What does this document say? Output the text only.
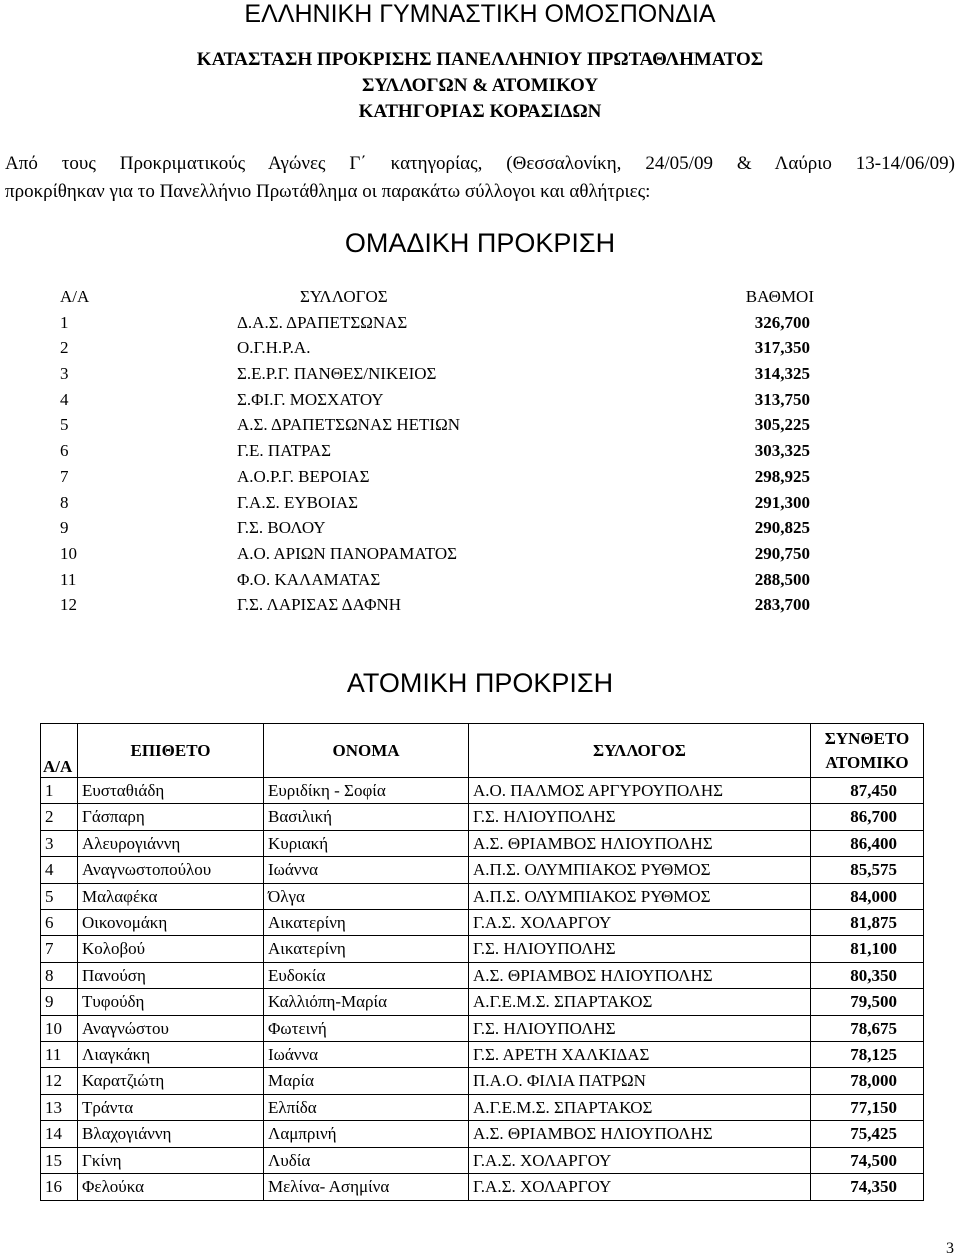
ΕΛΛΗΝΙΚΗ ΓΥΜΝΑΣΤΙΚΗ ΟΜΟΣΠΟΝΔΙΑ
ΚΑΤΑΣΤΑΣΗ ΠΡΟΚΡΙΣΗΣ ΠΑΝΕΛΛΗΝΙΟΥ ΠΡΩΤΑΘΛΗΜΑΤΟΣ
ΣΥΛΛΟΓΩΝ & ΑΤΟΜΙΚΟΥ
ΚΑΤΗΓΟΡΙΑΣ ΚΟΡΑΣΙΔΩΝ

Από τους Προκριματικούς Αγώνες Γ΄ κατηγορίας, (Θεσσαλονίκη, 24/05/09 & Λαύριο 13-14/06/09)

προκρίθηκαν για το Πανελλήνιο Πρωτάθλημα οι παρακάτω σύλλογοι και αθλήτριες:

ΟΜΑΔΙΚΗ ΠΡΟΚΡΙΣΗ
Α/Α	ΣΥΛΛΟΓΟΣ	ΒΑΘΜΟΙ
1	Δ.Α.Σ. ΔΡΑΠΕΤΣΩΝΑΣ	326,700
2	Ο.Γ.Η.Ρ.Α.	317,350
3	Σ.Ε.Ρ.Γ. ΠΑΝΘΕΣ/ΝΙΚΕΙΟΣ	314,325
4	Σ.ΦΙ.Γ. ΜΟΣΧΑΤΟΥ	313,750
5	Α.Σ. ΔΡΑΠΕΤΣΩΝΑΣ ΗΕΤΙΩΝ	305,225
6	Γ.Ε. ΠΑΤΡΑΣ	303,325
7	Α.Ο.Ρ.Γ. ΒΕΡΟΙΑΣ	298,925
8	Γ.Α.Σ. ΕΥΒΟΙΑΣ	291,300
9	Γ.Σ. ΒΟΛΟΥ	290,825
10	Α.Ο. ΑΡΙΩΝ ΠΑΝΟΡΑΜΑΤΟΣ	290,750
11	Φ.Ο. ΚΑΛΑΜΑΤΑΣ	288,500
12	Γ.Σ. ΛΑΡΙΣΑΣ ΔΑΦΝΗ	283,700
ΑΤΟΜΙΚΗ ΠΡΟΚΡΙΣΗ
Α/Α	ΕΠΙΘΕΤΟ	ΟΝΟΜΑ	ΣΥΛΛΟΓΟΣ	ΣΥΝΘΕΤΟ
ΑΤΟΜΙΚΟ
1	Ευσταθιάδη	Ευριδίκη - Σοφία	Α.Ο. ΠΑΛΜΟΣ ΑΡΓΥΡΟΥΠΟΛΗΣ	87,450
2	Γάσπαρη	Βασιλική	Γ.Σ. ΗΛΙΟΥΠΟΛΗΣ	86,700
3	Αλευρογιάννη	Κυριακή	Α.Σ. ΘΡΙΑΜΒΟΣ ΗΛΙΟΥΠΟΛΗΣ	86,400
4	Αναγνωστοπούλου	Ιωάννα	Α.Π.Σ. ΟΛΥΜΠΙΑΚΟΣ ΡΥΘΜΟΣ	85,575
5	Μαλαφέκα	Όλγα	Α.Π.Σ. ΟΛΥΜΠΙΑΚΟΣ ΡΥΘΜΟΣ	84,000
6	Οικονομάκη	Αικατερίνη	Γ.Α.Σ. ΧΟΛΑΡΓΟΥ	81,875
7	Κολοβού	Αικατερίνη	Γ.Σ. ΗΛΙΟΥΠΟΛΗΣ	81,100
8	Πανούση	Ευδοκία	Α.Σ. ΘΡΙΑΜΒΟΣ ΗΛΙΟΥΠΟΛΗΣ	80,350
9	Τυφούδη	Καλλιόπη-Μαρία	Α.Γ.Ε.Μ.Σ. ΣΠΑΡΤΑΚΟΣ	79,500
10	Αναγνώστου	Φωτεινή	Γ.Σ. ΗΛΙΟΥΠΟΛΗΣ	78,675
11	Λιαγκάκη	Ιωάννα	Γ.Σ. ΑΡΕΤΗ ΧΑΛΚΙΔΑΣ	78,125
12	Καρατζιώτη	Μαρία	Π.Α.Ο. ΦΙΛΙΑ ΠΑΤΡΩΝ	78,000
13	Τράντα	Ελπίδα	Α.Γ.Ε.Μ.Σ. ΣΠΑΡΤΑΚΟΣ	77,150
14	Βλαχογιάννη	Λαμπρινή	Α.Σ. ΘΡΙΑΜΒΟΣ ΗΛΙΟΥΠΟΛΗΣ	75,425
15	Γκίνη	Λυδία	Γ.Α.Σ. ΧΟΛΑΡΓΟΥ	74,500
16	Φελούκα	Μελίνα- Ασημίνα	Γ.Α.Σ. ΧΟΛΑΡΓΟΥ	74,350
3
